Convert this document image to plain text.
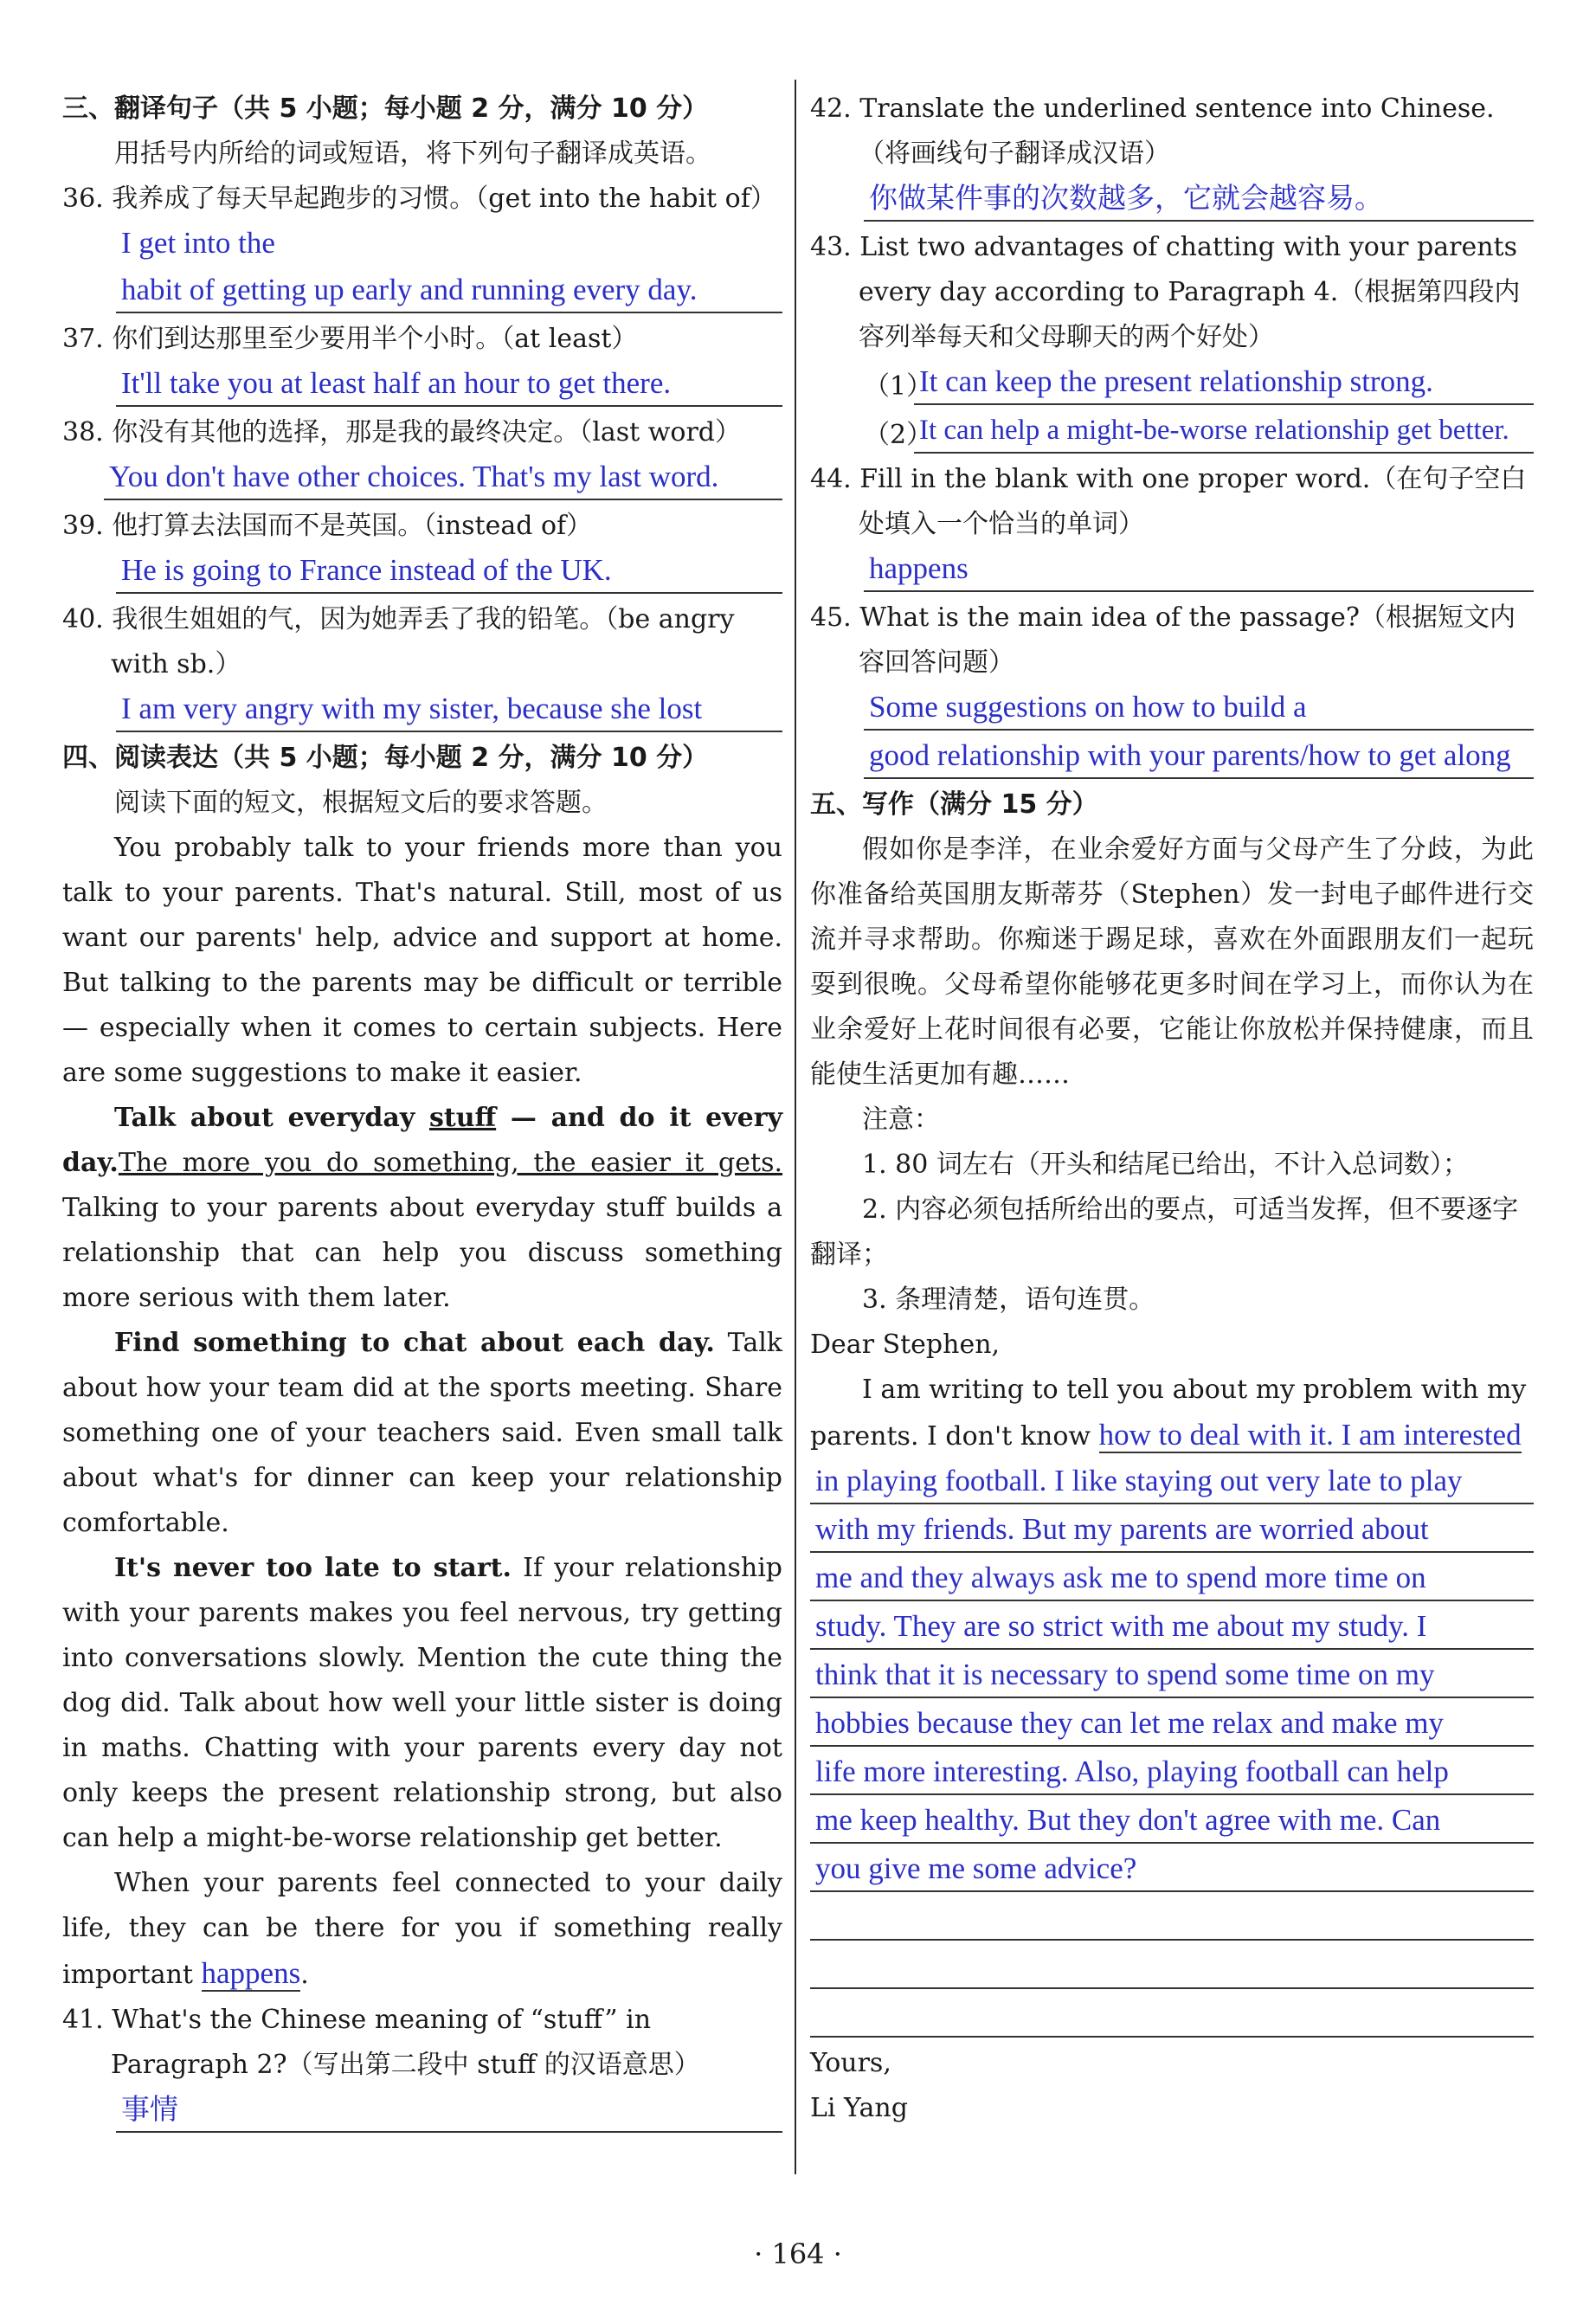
三、翻译句子（共 5 小题；每小题 2 分，满分 10 分）

用括号内所给的词或短语，将下列句子翻译成英语。

36. 我养成了每天早起跑步的习惯。（get into the habit of）

I get into the
habit of getting up early and running every day.

37. 你们到达那里至少要用半个小时。（at least）

It'll take you at least half an hour to get there.

38. 你没有其他的选择，那是我的最终决定。（last word）

You don't have other choices. That's my last word.

39. 他打算去法国而不是英国。（instead of）

He is going to France instead of the UK.

40. 我很生姐姐的气，因为她弄丢了我的铅笔。（be angry with sb.）

I am very angry with my sister, because she lost

四、阅读表达（共 5 小题；每小题 2 分，满分 10 分）

阅读下面的短文，根据短文后的要求答题。

You probably talk to your friends more than you talk to your parents. That's natural. Still, most of us want our parents' help, advice and support at home. But talking to the parents may be difficult or terrible — especially when it comes to certain subjects. Here are some suggestions to make it easier.

Talk about everyday stuff — and do it every day.The more you do something, the easier it gets. Talking to your parents about everyday stuff builds a relationship that can help you discuss something more serious with them later.

Find something to chat about each day. Talk about how your team did at the sports meeting. Share something one of your teachers said. Even small talk about what's for dinner can keep your relationship comfortable.

It's never too late to start. If your relationship with your parents makes you feel nervous, try getting into conversations slowly. Mention the cute thing the dog did. Talk about how well your little sister is doing in maths. Chatting with your parents every day not only keeps the present relationship strong, but also can help a might-be-worse relationship get better.

When your parents feel connected to your daily life, they can be there for you if something really important happens.

41. What's the Chinese meaning of “stuff” in Paragraph 2?（写出第二段中 stuff 的汉语意思）

事情

42. Translate the underlined sentence into Chinese.（将画线句子翻译成汉语）

你做某件事的次数越多，它就会越容易。

43. List two advantages of chatting with your parents every day according to Paragraph 4.（根据第四段内容列举每天和父母聊天的两个好处）

（1）
It can keep the present relationship strong.
（2）
It can help a might-be-worse relationship get better.

44. Fill in the blank with one proper word.（在句子空白处填入一个恰当的单词）

happens

45. What is the main idea of the passage?（根据短文内容回答问题）

Some suggestions on how to build a
good relationship with your parents/how to get along

五、写作（满分 15 分）

假如你是李洋，在业余爱好方面与父母产生了分歧，为此你准备给英国朋友斯蒂芬（Stephen）发一封电子邮件进行交流并寻求帮助。你痴迷于踢足球，喜欢在外面跟朋友们一起玩耍到很晚。父母希望你能够花更多时间在学习上，而你认为在业余爱好上花时间很有必要，它能让你放松并保持健康，而且能使生活更加有趣……

注意：

1. 80 词左右（开头和结尾已给出，不计入总词数）；

2. 内容必须包括所给出的要点，可适当发挥，但不要逐字翻译；

3. 条理清楚，语句连贯。

Dear Stephen,

I am writing to tell you about my problem with my parents. I don't know how to deal with it. I am interested

in playing football. I like staying out very late to play
with my friends. But my parents are worried about
me and they always ask me to spend more time on
study. They are so strict with me about my study. I
think that it is necessary to spend some time on my
hobbies because they can let me relax and make my
life more interesting. Also, playing football can help
me keep healthy. But they don't agree with me. Can
you give me some advice?

Yours,

Li Yang

· 164 ·
